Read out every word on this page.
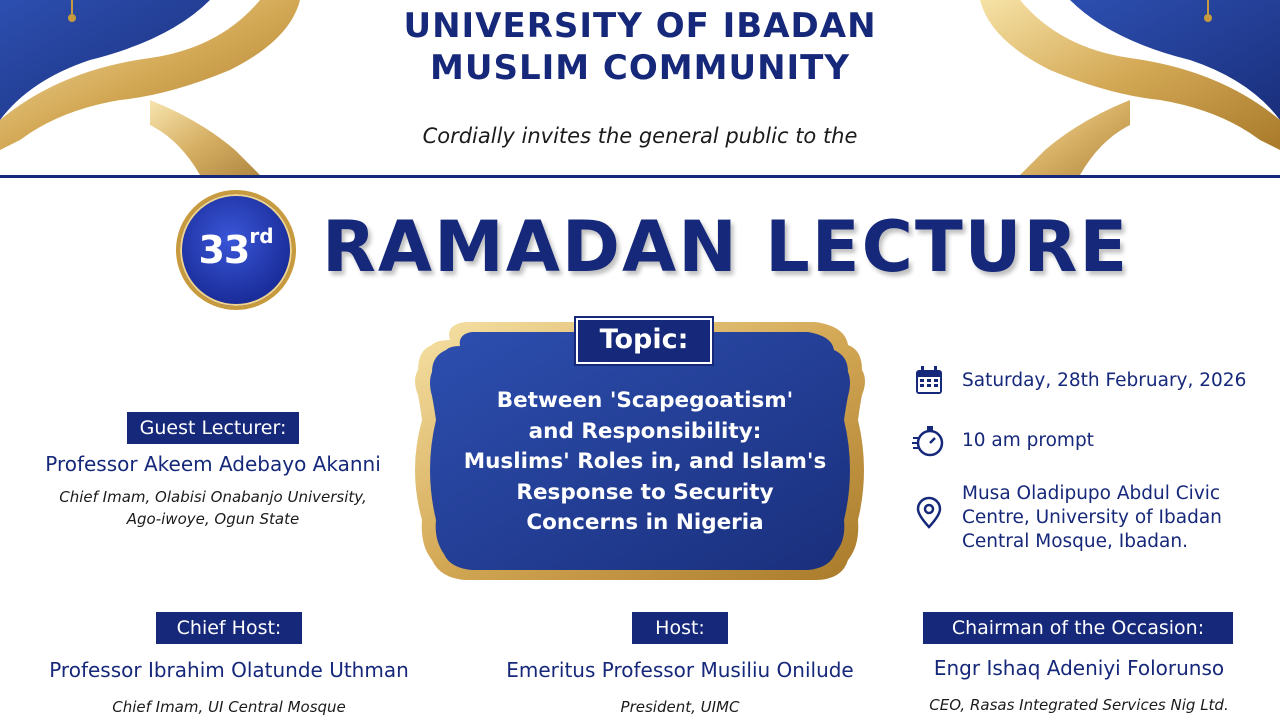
UNIVERSITY OF IBADAN
MUSLIM COMMUNITY
Cordially invites the general public to the
33 rd RAMADAN LECTURE
Topic:
Between 'Scapegoatism'
and Responsibility:
Muslims' Roles in, and Islam's
Response to Security
Concerns in Nigeria
Guest Lecturer:
Professor Akeem Adebayo Akanni
Chief Imam, Olabisi Onabanjo University,
Ago-iwoye, Ogun State
Saturday, 28th February, 2026
10 am prompt
Musa Oladipupo Abdul Civic
Centre, University of Ibadan
Central Mosque, Ibadan.
Chief Host:
Professor Ibrahim Olatunde Uthman
Chief Imam, UI Central Mosque
Host:
Emeritus Professor Musiliu Onilude
President, UIMC
Chairman of the Occasion:
Engr Ishaq Adeniyi Folorunso
CEO, Rasas Integrated Services Nig Ltd.
